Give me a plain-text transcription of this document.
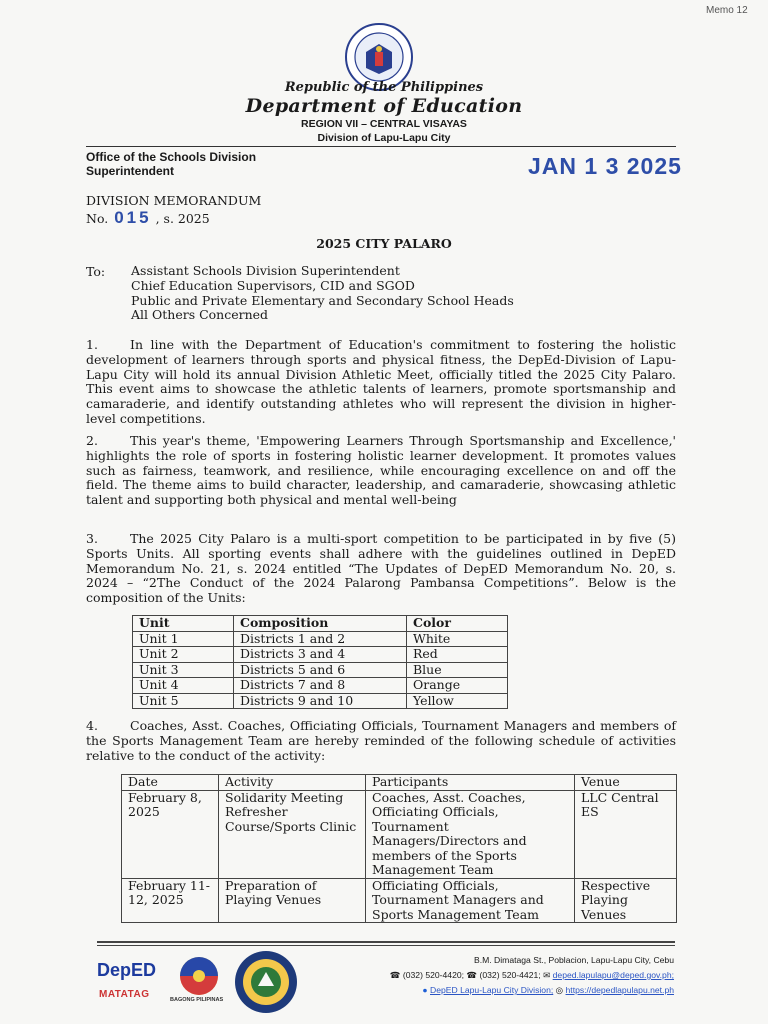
Memo 12
Republic of the Philippines
Department of Education
REGION VII – CENTRAL VISAYAS
Division of Lapu-Lapu City
Office of the Schools Division
Superintendent	JAN 1 3 2025
DIVISION MEMORANDUM
No. 015 , s. 2025
2025 CITY PALARO
To: Assistant Schools Division Superintendent
Chief Education Supervisors, CID and SGOD
Public and Private Elementary and Secondary School Heads
All Others Concerned
1.	In line with the Department of Education's commitment to fostering the holistic development of learners through sports and physical fitness, the DepEd-Division of Lapu-Lapu City will hold its annual Division Athletic Meet, officially titled the 2025 City Palaro. This event aims to showcase the athletic talents of learners, promote sportsmanship and camaraderie, and identify outstanding athletes who will represent the division in higher-level competitions.
2.	This year's theme, 'Empowering Learners Through Sportsmanship and Excellence,' highlights the role of sports in fostering holistic learner development. It promotes values such as fairness, teamwork, and resilience, while encouraging excellence on and off the field. The theme aims to build character, leadership, and camaraderie, showcasing athletic talent and supporting both physical and mental well-being
3.	The 2025 City Palaro is a multi-sport competition to be participated in by five (5) Sports Units. All sporting events shall adhere with the guidelines outlined in DepED Memorandum No. 21, s. 2024 entitled “The Updates of DepED Memorandum No. 20, s. 2024 – “2The Conduct of the 2024 Palarong Pambansa Competitions”. Below is the composition of the Units:
Unit	Composition	Color
Unit 1	Districts 1 and 2	White
Unit 2	Districts 3 and 4	Red
Unit 3	Districts 5 and 6	Blue
Unit 4	Districts 7 and 8	Orange
Unit 5	Districts 9 and 10	Yellow
4.	Coaches, Asst. Coaches, Officiating Officials, Tournament Managers and members of the Sports Management Team are hereby reminded of the following schedule of activities relative to the conduct of the activity:
Date	Activity	Participants	Venue
February 8, 2025	Solidarity Meeting Refresher Course/Sports Clinic	Coaches, Asst. Coaches, Officiating Officials, Tournament Managers/Directors and members of the Sports Management Team	LLC Central ES
February 11-12, 2025	Preparation of Playing Venues	Officiating Officials, Tournament Managers and Sports Management Team	Respective Playing Venues
DepED
MATATAG	BAGONG PILIPINAS
B.M. Dimataga St., Poblacion, Lapu-Lapu City, Cebu
☎ (032) 520-4420; ☎ (032) 520-4421; ✉ deped.lapulapu@deped.gov.ph;
● DepED Lapu-Lapu City Division; ◎ https://depedlapulapu.net.ph
